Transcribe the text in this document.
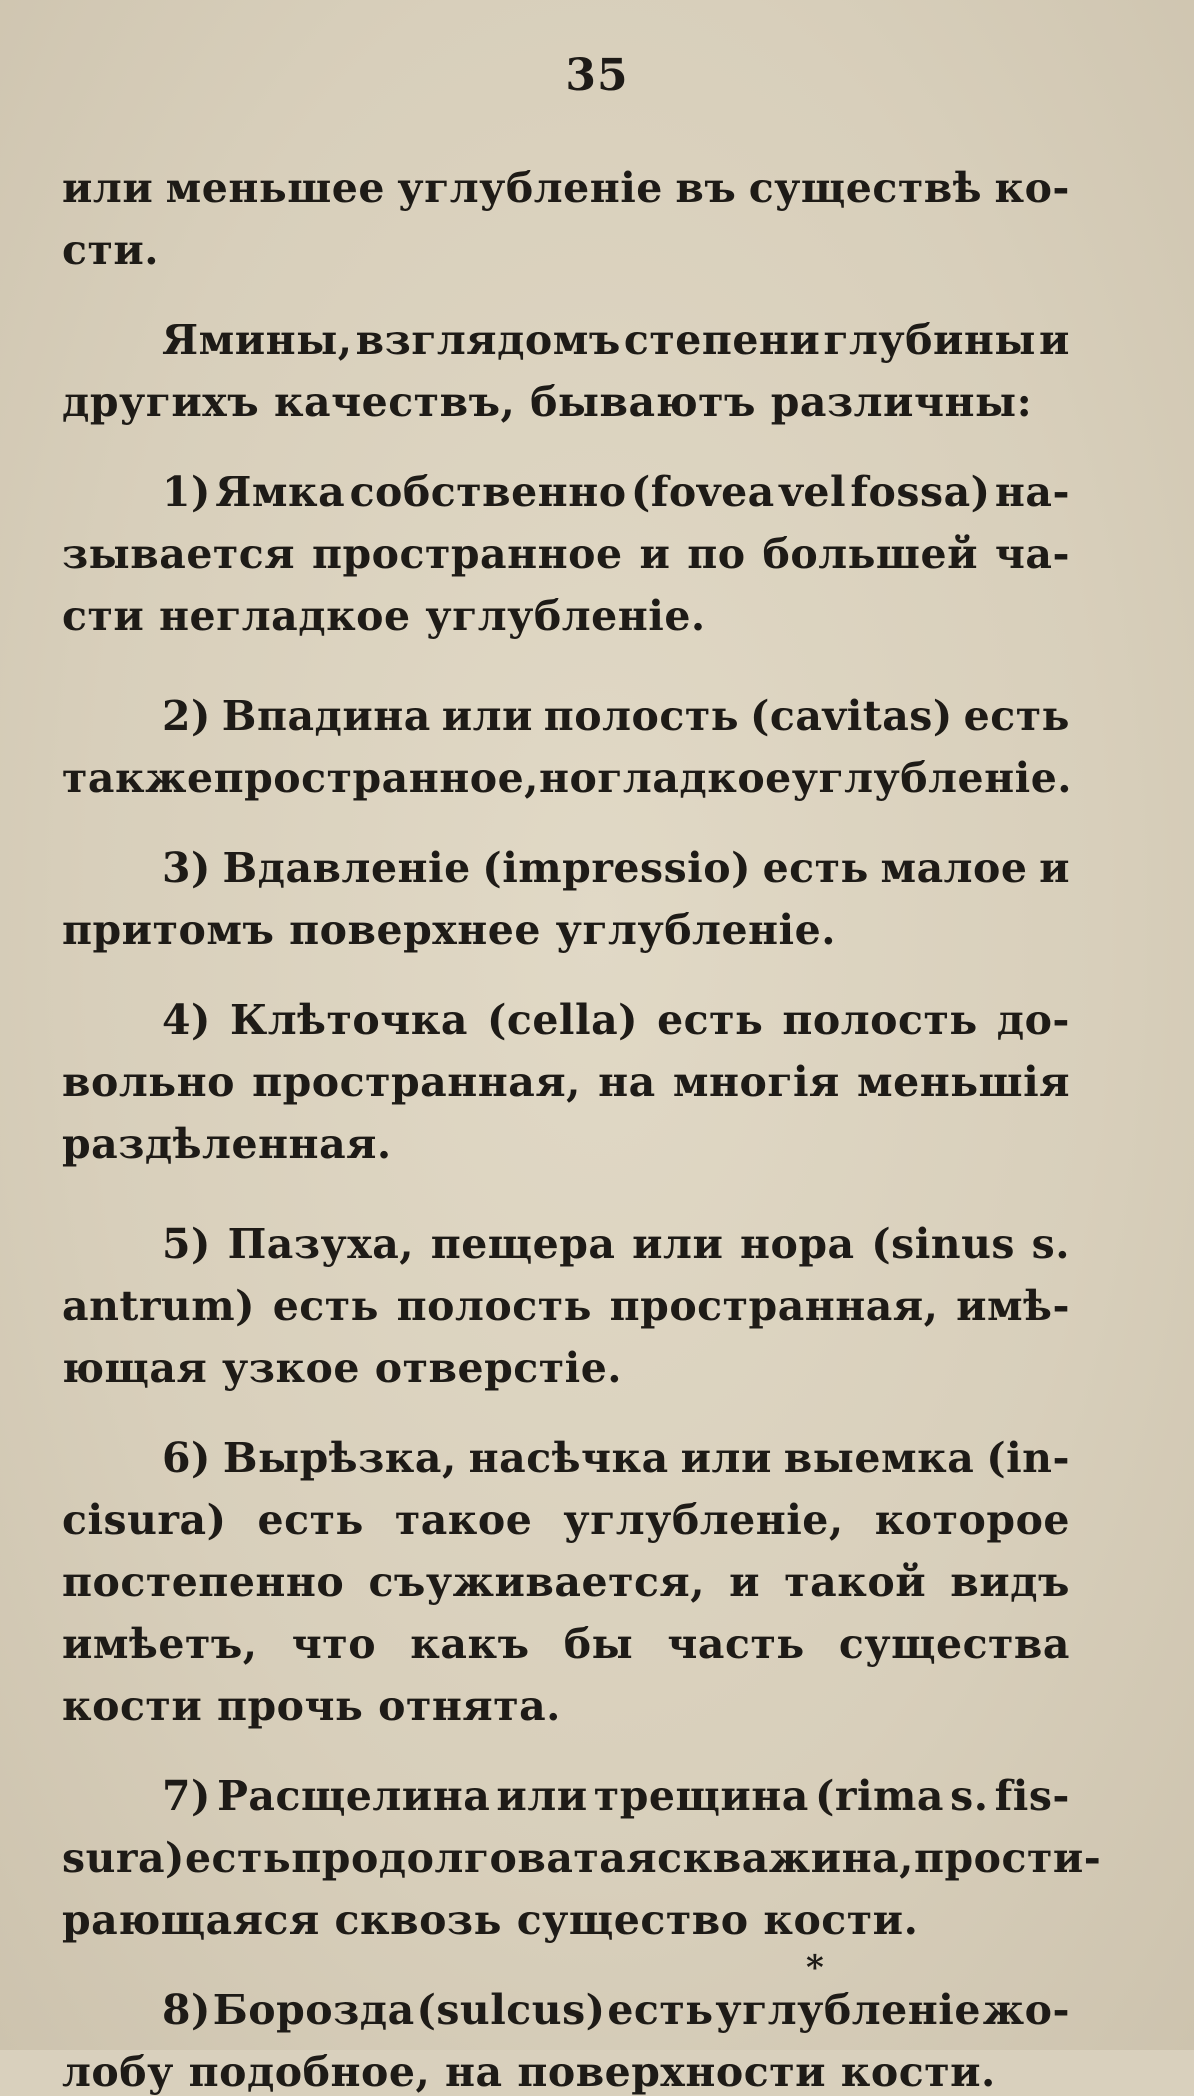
35
или меньшее углубленіе въ существѣ ко-
сти.
Ямины, взглядомъ степени глубины и
другихъ качествъ, бываютъ различны:
1) Ямка собственно (fovea vel fossa) на-
зывается пространное и по большей ча-
сти негладкое углубленіе.
2) Впадина или полость (cavitas) есть
также пространное, но гладкое углубленіе.
3) Вдавленіе (impressio) есть малое и
притомъ поверхнее углубленіе.
4) Клѣточка (cella) есть полость до-
вольно пространная, на многія меньшія
раздѣленная.
5) Пазуха, пещера или нора (sinus s.
antrum) есть полость пространная, имѣ-
ющая узкое отверстіе.
6) Вырѣзка, насѣчка или выемка (in-
cisura) есть такое углубленіе, которое
постепенно съуживается, и такой видъ
имѣетъ, что какъ бы часть существа
кости прочь отнята.
7) Расщелина или трещина (rima s. fis-
sura) есть продолговатая скважина, прости-
рающаяся сквозь существо кости.
8) Борозда (sulcus) есть углубленіе жо-
лобу подобное, на поверхности кости.
*
